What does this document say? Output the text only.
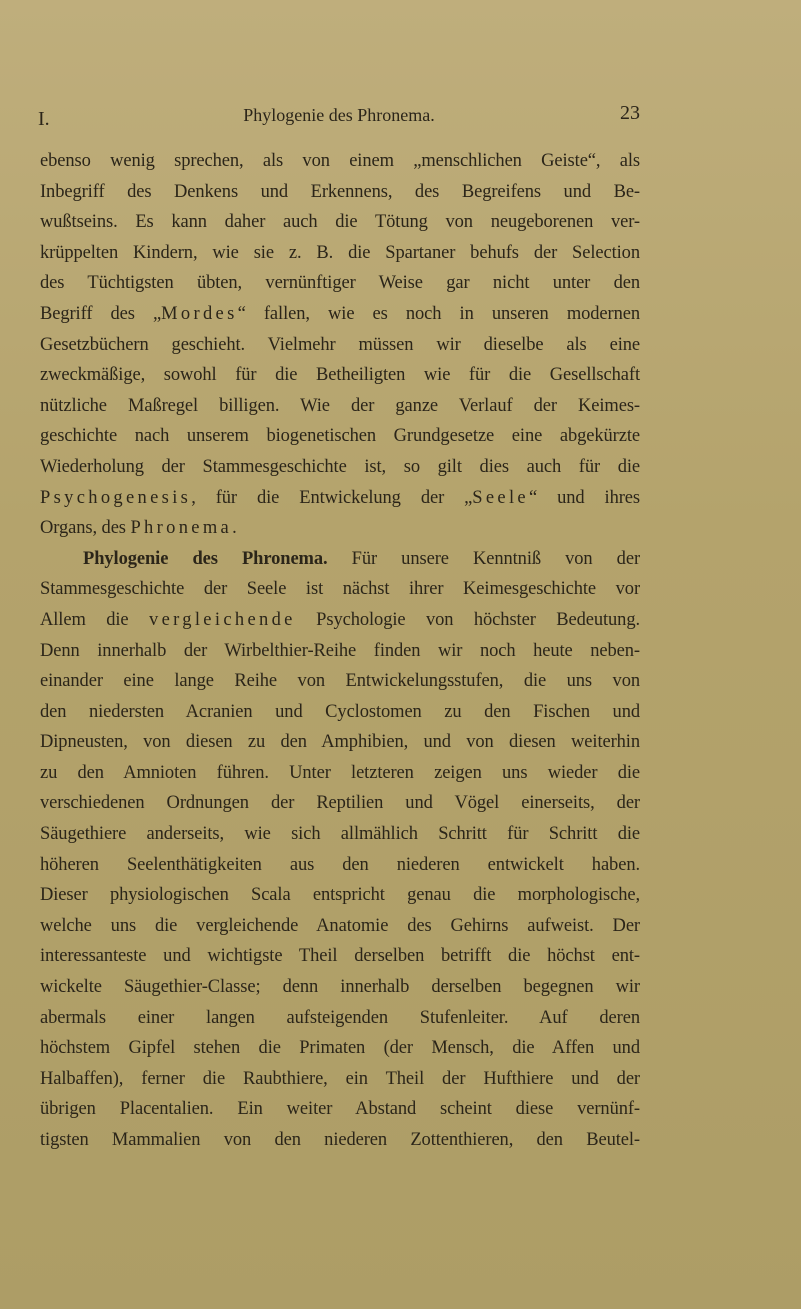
I.	Phylogenie des Phronema.	23
ebenso wenig sprechen, als von einem „menschlichen Geiste“, als
Inbegriff des Denkens und Erkennens, des Begreifens und Be-
wußtseins. Es kann daher auch die Tötung von neugeborenen ver-
krüppelten Kindern, wie sie z. B. die Spartaner behufs der Selection
des Tüchtigsten übten, vernünftiger Weise gar nicht unter den
Begriff des „Mordes“ fallen, wie es noch in unseren modernen
Gesetzbüchern geschieht. Vielmehr müssen wir dieselbe als eine
zweckmäßige, sowohl für die Betheiligten wie für die Gesellschaft
nützliche Maßregel billigen. Wie der ganze Verlauf der Keimes-
geschichte nach unserem biogenetischen Grundgesetze eine abgekürzte
Wiederholung der Stammesgeschichte ist, so gilt dies auch für die
Psychogenesis, für die Entwickelung der „Seele“ und ihres
Organs, des Phronema.
Phylogenie des Phronema. Für unsere Kenntniß von der
Stammesgeschichte der Seele ist nächst ihrer Keimesgeschichte vor
Allem die vergleichende Psychologie von höchster Bedeutung.
Denn innerhalb der Wirbelthier-Reihe finden wir noch heute neben-
einander eine lange Reihe von Entwickelungsstufen, die uns von
den niedersten Acranien und Cyclostomen zu den Fischen und
Dipneusten, von diesen zu den Amphibien, und von diesen weiterhin
zu den Amnioten führen. Unter letzteren zeigen uns wieder die
verschiedenen Ordnungen der Reptilien und Vögel einerseits, der
Säugethiere anderseits, wie sich allmählich Schritt für Schritt die
höheren Seelenthätigkeiten aus den niederen entwickelt haben.
Dieser physiologischen Scala entspricht genau die morphologische,
welche uns die vergleichende Anatomie des Gehirns aufweist. Der
interessanteste und wichtigste Theil derselben betrifft die höchst ent-
wickelte Säugethier-Classe; denn innerhalb derselben begegnen wir
abermals einer langen aufsteigenden Stufenleiter. Auf deren
höchstem Gipfel stehen die Primaten (der Mensch, die Affen und
Halbaffen), ferner die Raubthiere, ein Theil der Hufthiere und der
übrigen Placentalien. Ein weiter Abstand scheint diese vernünf-
tigsten Mammalien von den niederen Zottenthieren, den Beutel-
